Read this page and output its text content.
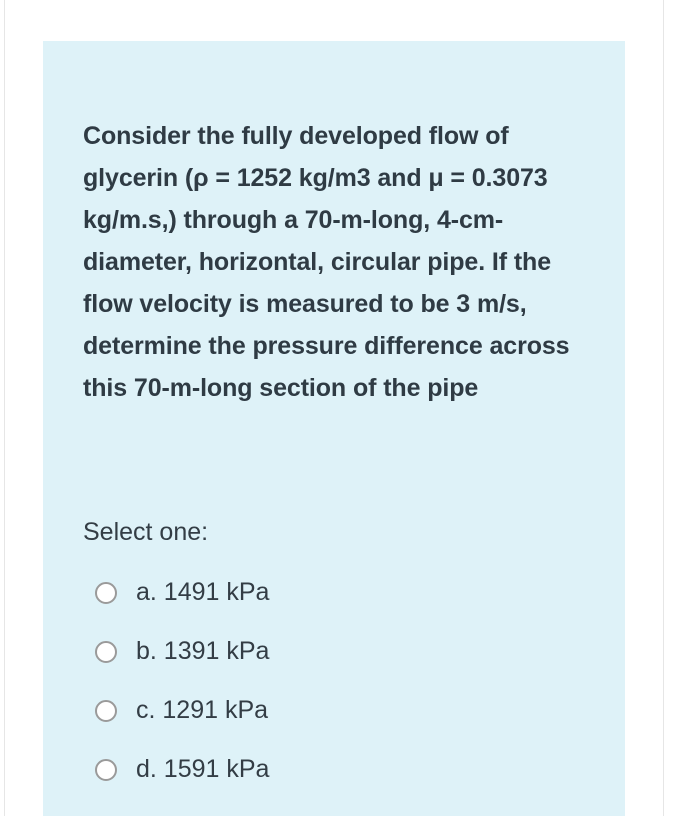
Consider the fully developed flow of glycerin (ρ = 1252 kg/m3 and μ = 0.3073 kg/m.s,) through a 70-m-long, 4-cm-diameter, horizontal, circular pipe. If the flow velocity is measured to be 3 m/s, determine the pressure difference across this 70-m-long section of the pipe
Select one:
a. 1491 kPa
b. 1391 kPa
c. 1291 kPa
d. 1591 kPa
